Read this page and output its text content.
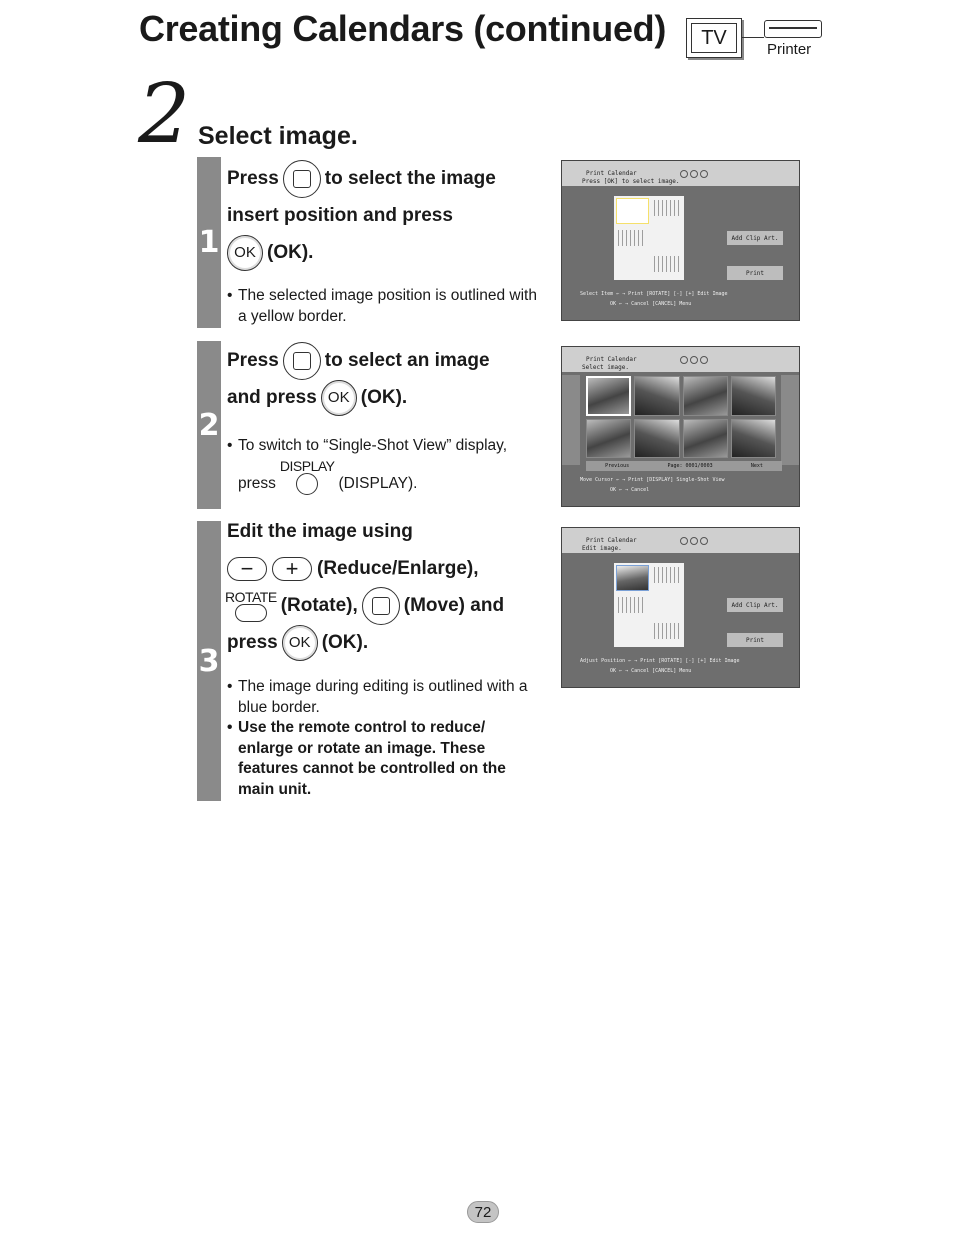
Creating Calendars (continued)	TV
Printer
2 Select image.
1
Press to select the image
insert position and press
OK (OK).
• The selected image position is outlined with a yellow border.
Print Calendar
Press [OK] to select image.
Add Clip Art.
Print
Select Item ← → Print [ROTATE] [-] [+] Edit Image
OK ← → Cancel [CANCEL] Menu
2
Press to select an image
and press OK (OK).
• To switch to “Single-Shot View” display,
press
DISPLAY
(DISPLAY).
Print Calendar
Select image.
Previous	Page: 0001/0003	Next
Move Cursor ← → Print [DISPLAY] Single-Shot View
OK ← → Cancel
3
Edit the image using
−	+ (Reduce/Enlarge),
ROTATE (Rotate), (Move) and
press OK (OK).
• The image during editing is outlined with a blue border.
• Use the remote control to reduce/ enlarge or rotate an image. These features cannot be controlled on the main unit.
Print Calendar
Edit image.
Add Clip Art.
Print
Adjust Position ← → Print [ROTATE] [-] [+] Edit Image
OK ← → Cancel [CANCEL] Menu
72
